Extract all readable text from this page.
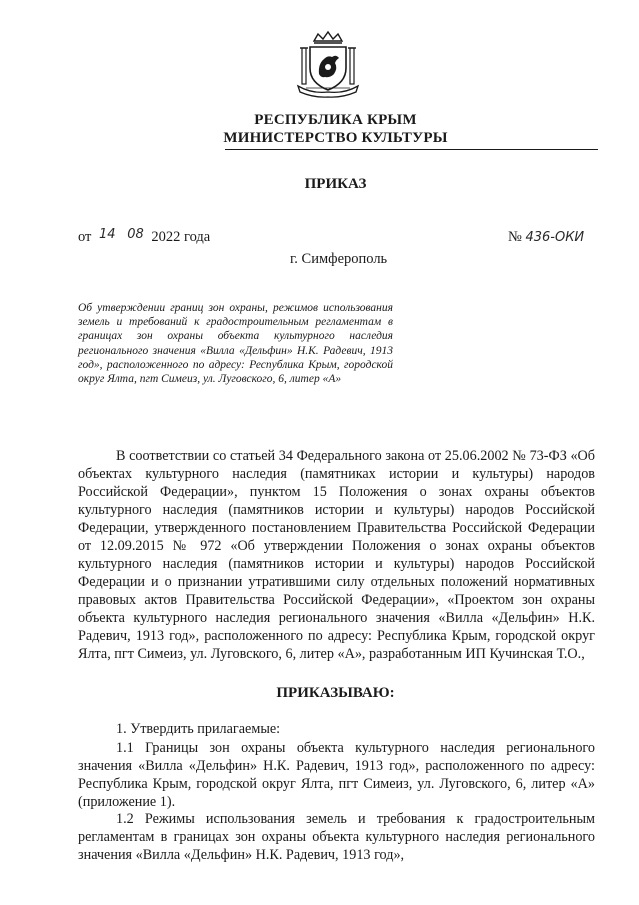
РЕСПУБЛИКА КРЫМ
МИНИСТЕРСТВО КУЛЬТУРЫ
ПРИКАЗ
от 14 08 2022 года	№ 436-ОКИ
г. Симферополь
Об утверждении границ зон охраны, режимов использования земель и требований к градостроительным регламентам в границах зон охраны объекта культурного наследия регионального значения «Вилла «Дельфин» Н.К. Радевич, 1913 год», расположенного по адресу: Республика Крым, городской округ Ялта, пгт Симеиз, ул. Луговского, 6, литер «А»
В соответствии со статьей 34 Федерального закона от 25.06.2002 № 73-ФЗ «Об объектах культурного наследия (памятниках истории и культуры) народов Российской Федерации», пунктом 15 Положения о зонах охраны объектов культурного наследия (памятников истории и культуры) народов Российской Федерации, утвержденного постановлением Правительства Российской Федерации от 12.09.2015 № 972 «Об утверждении Положения о зонах охраны объектов культурного наследия (памятников истории и культуры) народов Российской Федерации и о признании утратившими силу отдельных положений нормативных правовых актов Правительства Российской Федерации», «Проектом зон охраны объекта культурного наследия регионального значения «Вилла «Дельфин» Н.К. Радевич, 1913 год», расположенного по адресу: Республика Крым, городской округ Ялта, пгт Симеиз, ул. Луговского, 6, литер «А», разработанным ИП Кучинская Т.О.,
ПРИКАЗЫВАЮ:
1. Утвердить прилагаемые:
1.1 Границы зон охраны объекта культурного наследия регионального значения «Вилла «Дельфин» Н.К. Радевич, 1913 год», расположенного по адресу: Республика Крым, городской округ Ялта, пгт Симеиз, ул. Луговского, 6, литер «А» (приложение 1).
1.2 Режимы использования земель и требования к градостроительным регламентам в границах зон охраны объекта культурного наследия регионального значения «Вилла «Дельфин» Н.К. Радевич, 1913 год»,
